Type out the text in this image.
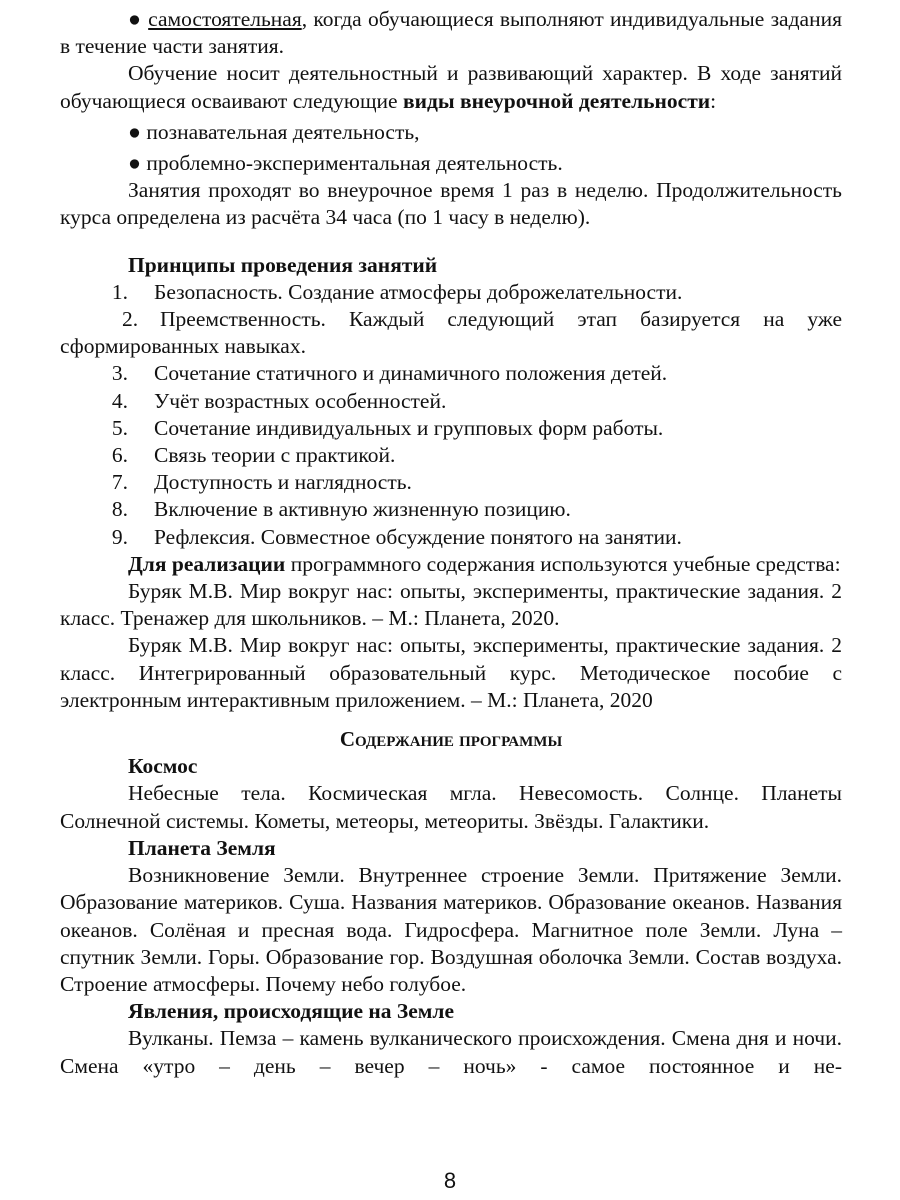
● самостоятельная, когда обучающиеся выполняют индивидуальные задания в течение части занятия.

Обучение носит деятельностный и развивающий характер. В ходе занятий обучающиеся осваивают следующие виды внеурочной деятельности:

● познавательная деятельность,

● проблемно-экспериментальная деятельность.

Занятия проходят во внеурочное время 1 раз в неделю. Продолжительность курса определена из расчёта 34 часа (по 1 часу в неделю).

Принципы проведения занятий

1.	Безопасность. Создание атмосферы доброжелательности.

2. Преемственность. Каждый следующий этап базируется на уже сформированных навыках.

3.	Сочетание статичного и динамичного положения детей.
4.	Учёт возрастных особенностей.
5.	Сочетание индивидуальных и групповых форм работы.
6.	Связь теории с практикой.
7.	Доступность и наглядность.
8.	Включение в активную жизненную позицию.
9.	Рефлексия. Совместное обсуждение понятого на занятии.

Для реализации программного содержания используются учебные средства:

Буряк М.В. Мир вокруг нас: опыты, эксперименты, практические задания. 2 класс. Тренажер для школьников. – М.: Планета, 2020.

Буряк М.В. Мир вокруг нас: опыты, эксперименты, практические задания. 2 класс. Интегрированный образовательный курс. Методическое пособие с электронным интерактивным приложением. – М.: Планета, 2020

Содержание программы

Космос

Небесные тела. Космическая мгла. Невесомость. Солнце. Планеты Солнечной системы. Кометы, метеоры, метеориты. Звёзды. Галактики.

Планета Земля

Возникновение Земли. Внутреннее строение Земли. Притяжение Земли. Образование материков. Суша. Названия материков. Образование океанов. Названия океанов. Солёная и пресная вода. Гидросфера. Магнитное поле Земли. Луна – спутник Земли. Горы. Образование гор. Воздушная оболочка Земли. Состав воздуха. Строение атмосферы. Почему небо голубое.

Явления, происходящие на Земле

Вулканы. Пемза – камень вулканического происхождения. Смена дня и ночи. Смена «утро – день – вечер – ночь» - самое постоянное и не-

8
